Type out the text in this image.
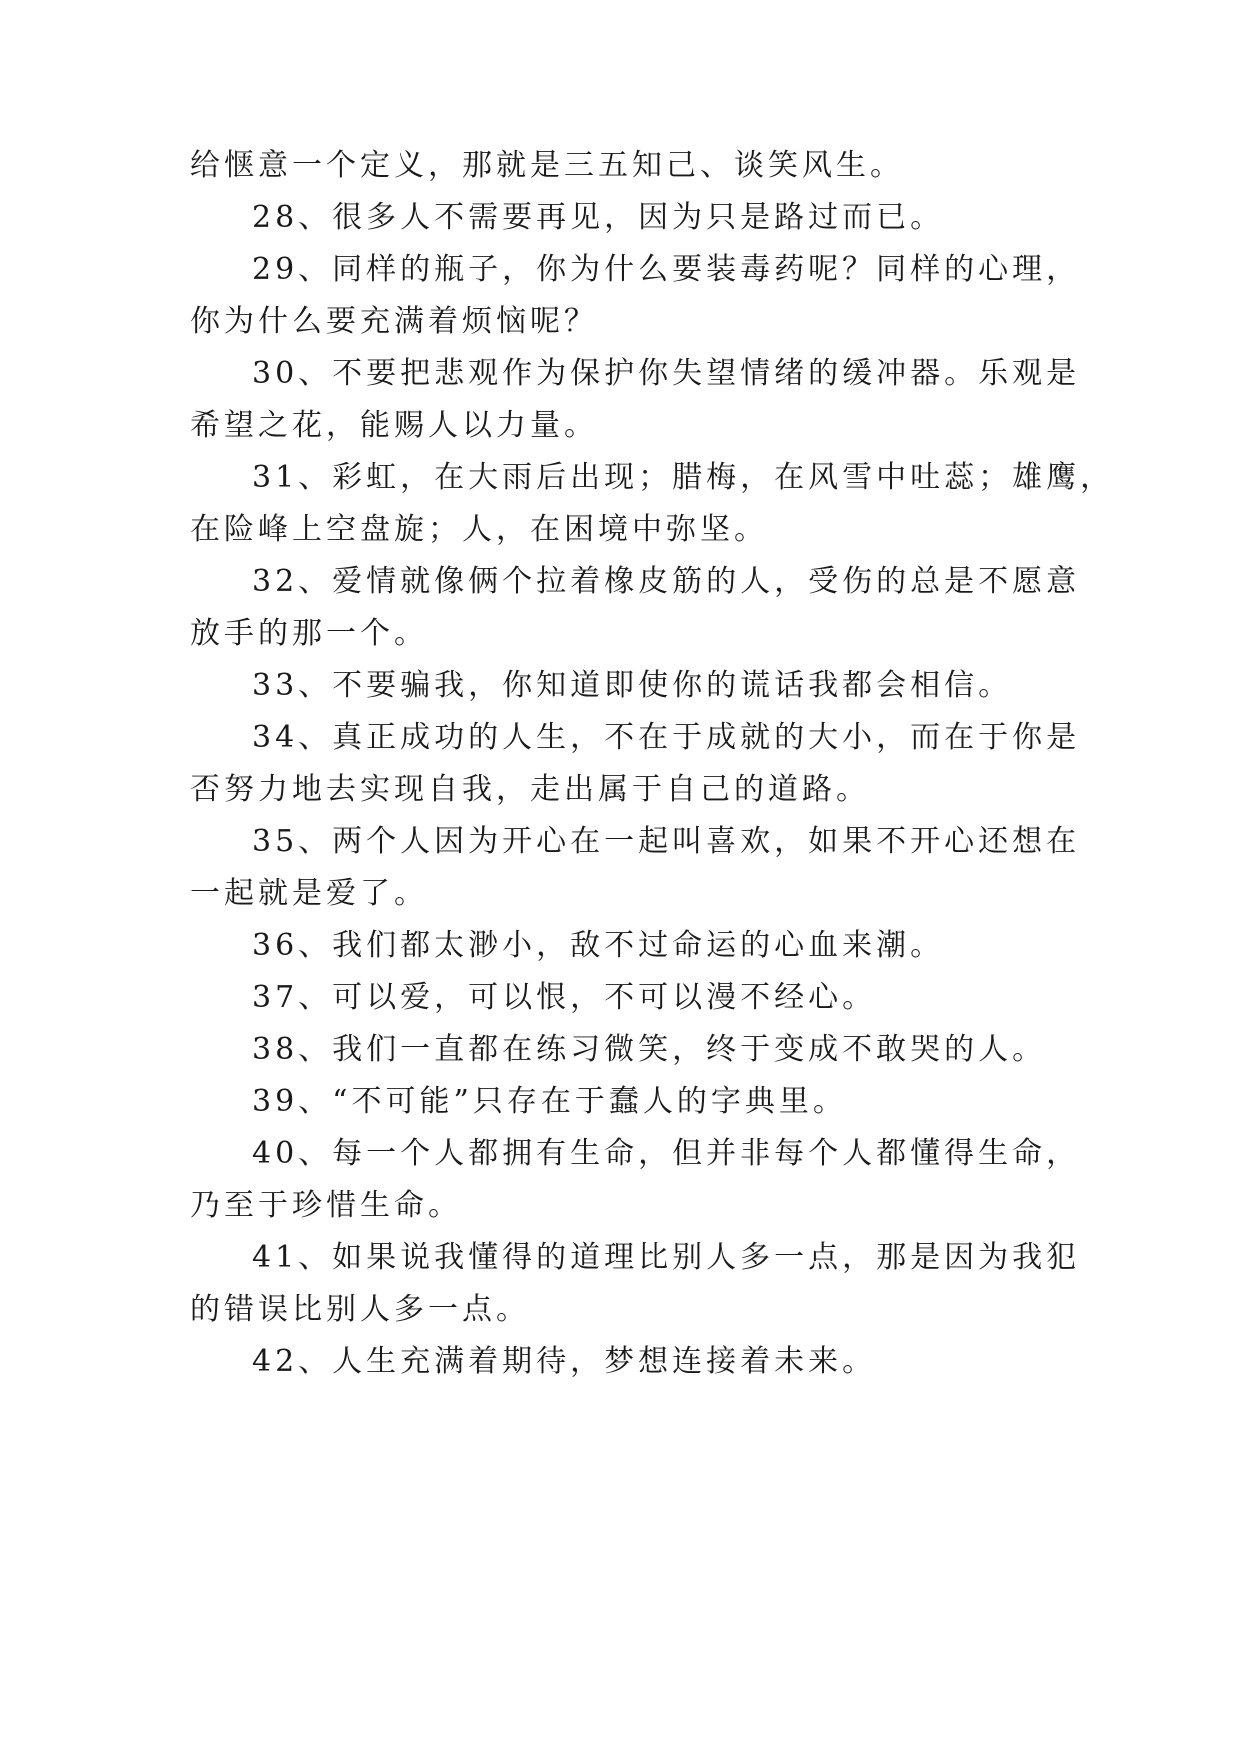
给惬意一个定义，那就是三五知己、谈笑风生。
28、很多人不需要再见，因为只是路过而已。
29、同样的瓶子，你为什么要装毒药呢？同样的心理，
你为什么要充满着烦恼呢？
30、不要把悲观作为保护你失望情绪的缓冲器。乐观是
希望之花，能赐人以力量。
31、彩虹，在大雨后出现；腊梅，在风雪中吐蕊；雄鹰，
在险峰上空盘旋；人，在困境中弥坚。
32、爱情就像俩个拉着橡皮筋的人，受伤的总是不愿意
放手的那一个。
33、不要骗我，你知道即使你的谎话我都会相信。
34、真正成功的人生，不在于成就的大小，而在于你是
否努力地去实现自我，走出属于自己的道路。
35、两个人因为开心在一起叫喜欢，如果不开心还想在
一起就是爱了。
36、我们都太渺小，敌不过命运的心血来潮。
37、可以爱，可以恨，不可以漫不经心。
38、我们一直都在练习微笑，终于变成不敢哭的人。
39、“不可能”只存在于蠢人的字典里。
40、每一个人都拥有生命，但并非每个人都懂得生命，
乃至于珍惜生命。
41、如果说我懂得的道理比别人多一点，那是因为我犯
的错误比别人多一点。
42、人生充满着期待，梦想连接着未来。
